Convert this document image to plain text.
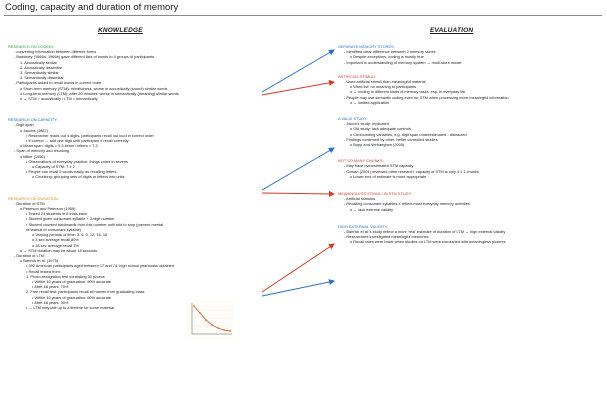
Coding, capacity and duration of memory
KNOWLEDGE	EVALUATION
RESEARCH ON CODING:
- converting information between different forms
- Baddeley (1966a, 1966b) gave different lists of words to 4 groups of participants
1. Acoustically similar
2. Acoustically dissimilar
3. Semantically similar
4. Semantically dissimilar
- Participants asked to recall words in correct order
o Short-term memory (STM): mindfulness, worse in acoustically (sound) similar words
o Long-term memory (LTM): after 20 minutes, worse in semantically (meaning) similar words
o → STM = acoustically / LTM = semantically
RESEARCH ON CAPACITY:
- Digit span
o Jacobs (1887)
• Researcher reads out 4 digits, participants recall out loud in correct order
• If correct → add one digit until participant ≠ recall correctly
o Mean span: digits = 9.3 items / letters = 7.3
- Span of memory and chunking
o Miller (1956)
• Observations of everyday practice: things come in sevens
o Capacity of STM: 7 ± 2
• People can recall 5 words easily as recalling letters
o Chunking: grouping sets of digits or letters into units
RESEARCH ON DURATION:
- Duration of STM
o Peterson and Peterson (1959)
• Tested 24 students in 8 trials each
• Student given consonant syllable + 3-digit number
• Student counted backwards from this number until told to stop (prevent mental
rehearsal of consonant syllable)
o Varying periods of time: 3, 6, 9, 12, 15, 18
o 3 sec average recall 80%
o 18 sec average recall 3%
o → STM duration may be about 18 seconds
- Duration of LTM
o Bahrick et al. (1975)
• 392 American participants aged between 17 and 74, high school yearbooks obtained
• Recall tested from:
1. Photo-recognition test consisting 50 photos
• Within 15 years of graduation: 90% accurate
• After 48 years: 70%
2. Free recall test: participants recall all names from graduating class
• Within 15 years of graduation: 60% accurate
• After 48 years: 30%
• → LTM may last up to a lifetime for some material
SEPARATE MEMORY STORES:
- Identified clear difference between 2 memory stores
o Despite exceptions, coding is mostly true
- Important in understanding of memory system → multi-store model
ARTIFICIAL STIMULI:
- Used artificial stimuli than meaningful material
o Word list: no meaning to participants
o → coding in different kinds of memory tasks, esp. in everyday life
- People may use semantic coding even for STM when processing more meaningful information
o → limited application
A VALID STUDY:
- Jacob's study: replicated
o Old study: lack adequate controls
o Confounding variables, e.g. digit span underestimated - distracted
- Findings confirmed by other, better controlled studies
o Bopp and Verhaeghen (2005)
NOT SO MANY CHUNKS:
- May have overestimated STM capacity
- Cowan (2001) reviewed other research: capacity of STM is only 4 ± 1 chunks
o Lower end of estimate is more appropriate
MEANINGLESS STIMULI IN STM STUDY:
- Artificial stimulus
- Recalling consonant syllables ≠ reflect most everyday memory activities
o → lack external validity
HIGH EXTERNAL VALIDITY:
- Bahrick et al.'s study reflect a more 'real' estimate of duration of LTM → high external validity
- Researchers investigated meaningful memories
o Recall rates were lower when studies on LTM were conducted with meaningless pictures
